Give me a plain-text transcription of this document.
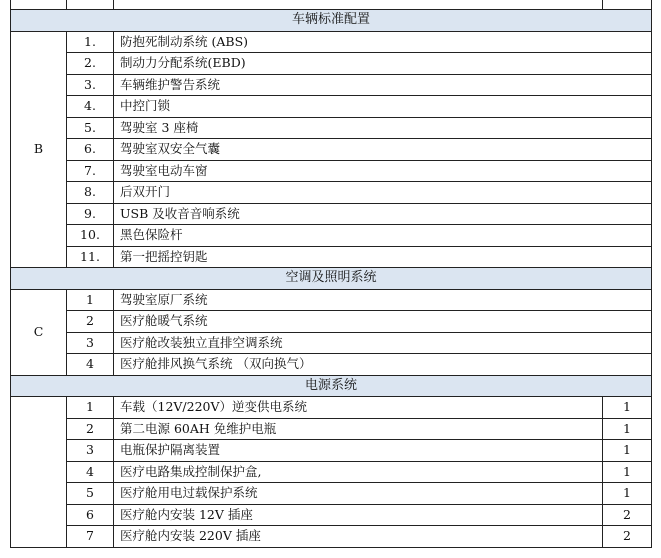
车辆标准配置			
B	1.	防抱死制动系统 (ABS)	
	2.	制动力分配系统(EBD)	
	3.	车辆维护警告系统	
	4.	中控门锁	
	5.	驾驶室 3 座椅	
	6.	驾驶室双安全气囊	
	7.	驾驶室电动车窗	
	8.	后双开门	
	9.	USB 及收音音响系统	
	10.	黑色保险杆	
	11.	第一把摇控钥匙	
空调及照明系统			
C	1	驾驶室原厂系统	
	2	医疗舱暖气系统	
	3	医疗舱改装独立直排空调系统	
	4	医疗舱排风换气系统 （双向换气）	
电源系统			
	1	车载（12V/220V）逆变供电系统	1
	2	第二电源 60AH 免维护电瓶	1
	3	电瓶保护隔离装置	1
	4	医疗电路集成控制保护盒,	1
	5	医疗舱用电过载保护系统	1
	6	医疗舱内安装 12V 插座	2
	7	医疗舱内安装 220V 插座	2
